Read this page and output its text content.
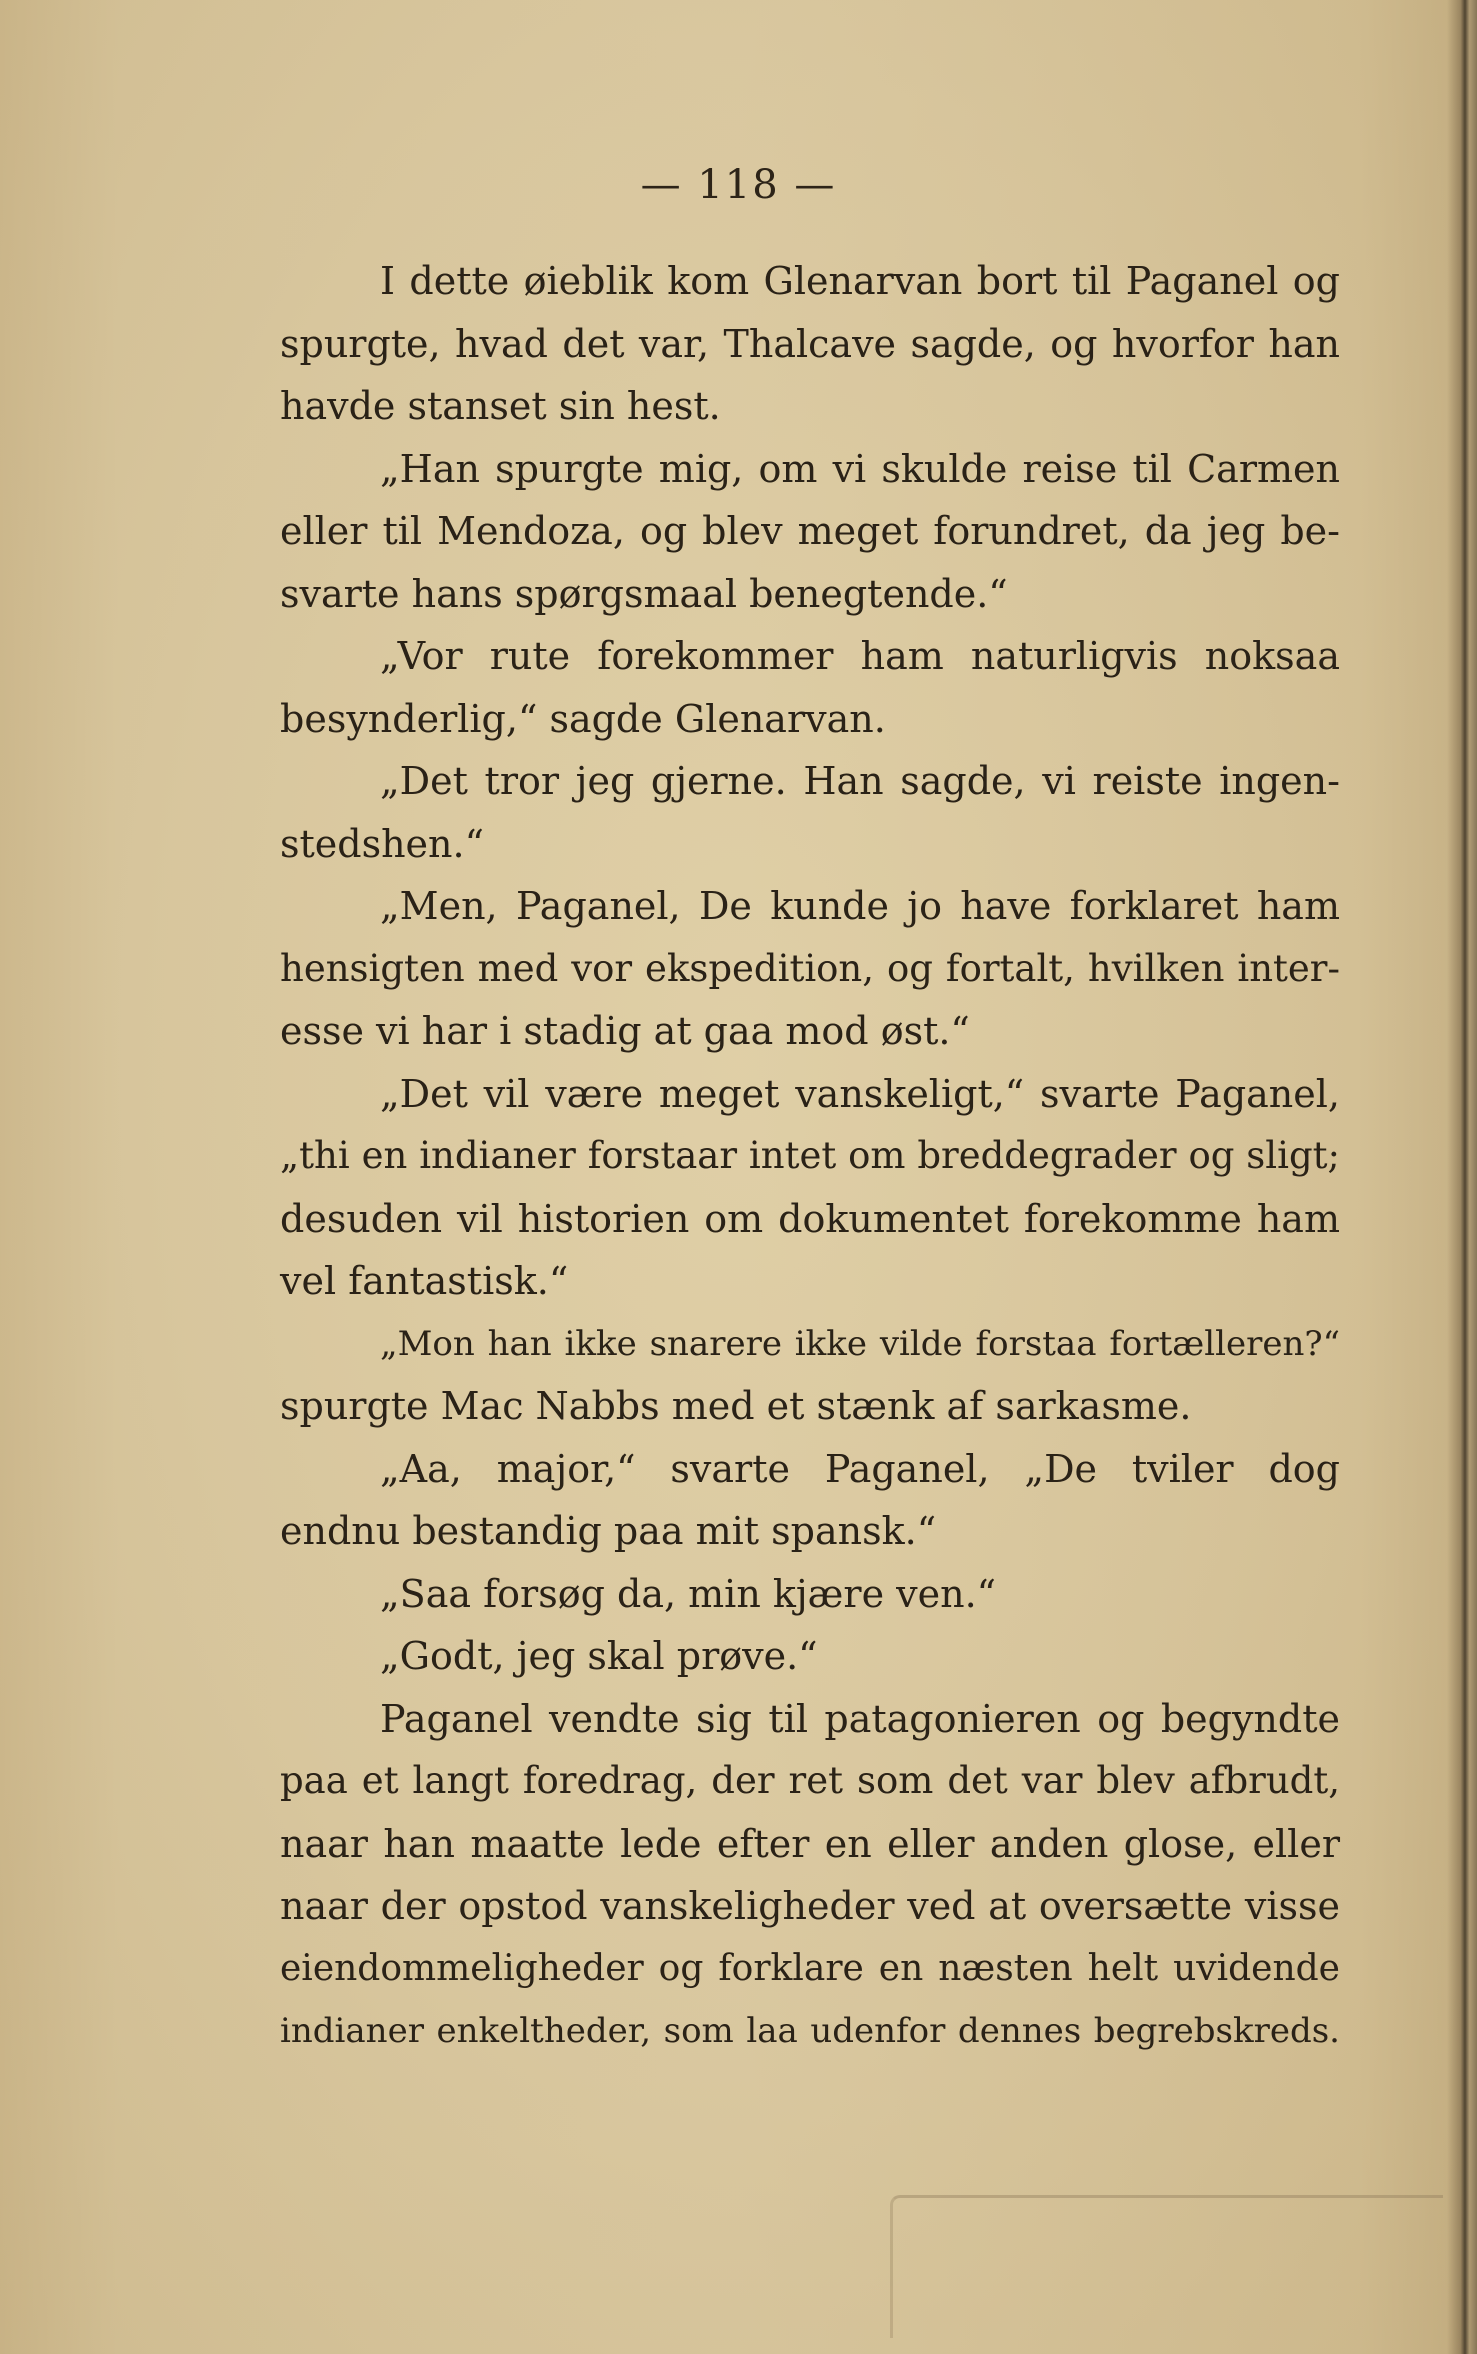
— 118 —
I dette øieblik kom Glenarvan bort til Paganel og
spurgte, hvad det var, Thalcave sagde, og hvorfor han
havde stanset sin hest.
„Han spurgte mig, om vi skulde reise til Carmen
eller til Mendoza, og blev meget forundret, da jeg be-
svarte hans spørgsmaal benegtende.“
„Vor rute forekommer ham naturligvis noksaa
besynderlig,“ sagde Glenarvan.
„Det tror jeg gjerne. Han sagde, vi reiste ingen-
stedshen.“
„Men, Paganel, De kunde jo have forklaret ham
hensigten med vor ekspedition, og fortalt, hvilken inter-
esse vi har i stadig at gaa mod øst.“
„Det vil være meget vanskeligt,“ svarte Paganel,
„thi en indianer forstaar intet om breddegrader og sligt;
desuden vil historien om dokumentet forekomme ham
vel fantastisk.“
„Mon han ikke snarere ikke vilde forstaa fortælleren?“
spurgte Mac Nabbs med et stænk af sarkasme.
„Aa, major,“ svarte Paganel, „De tviler dog
endnu bestandig paa mit spansk.“
„Saa forsøg da, min kjære ven.“
„Godt, jeg skal prøve.“
Paganel vendte sig til patagonieren og begyndte
paa et langt foredrag, der ret som det var blev afbrudt,
naar han maatte lede efter en eller anden glose, eller
naar der opstod vanskeligheder ved at oversætte visse
eiendommeligheder og forklare en næsten helt uvidende
indianer enkeltheder, som laa udenfor dennes begrebskreds.
